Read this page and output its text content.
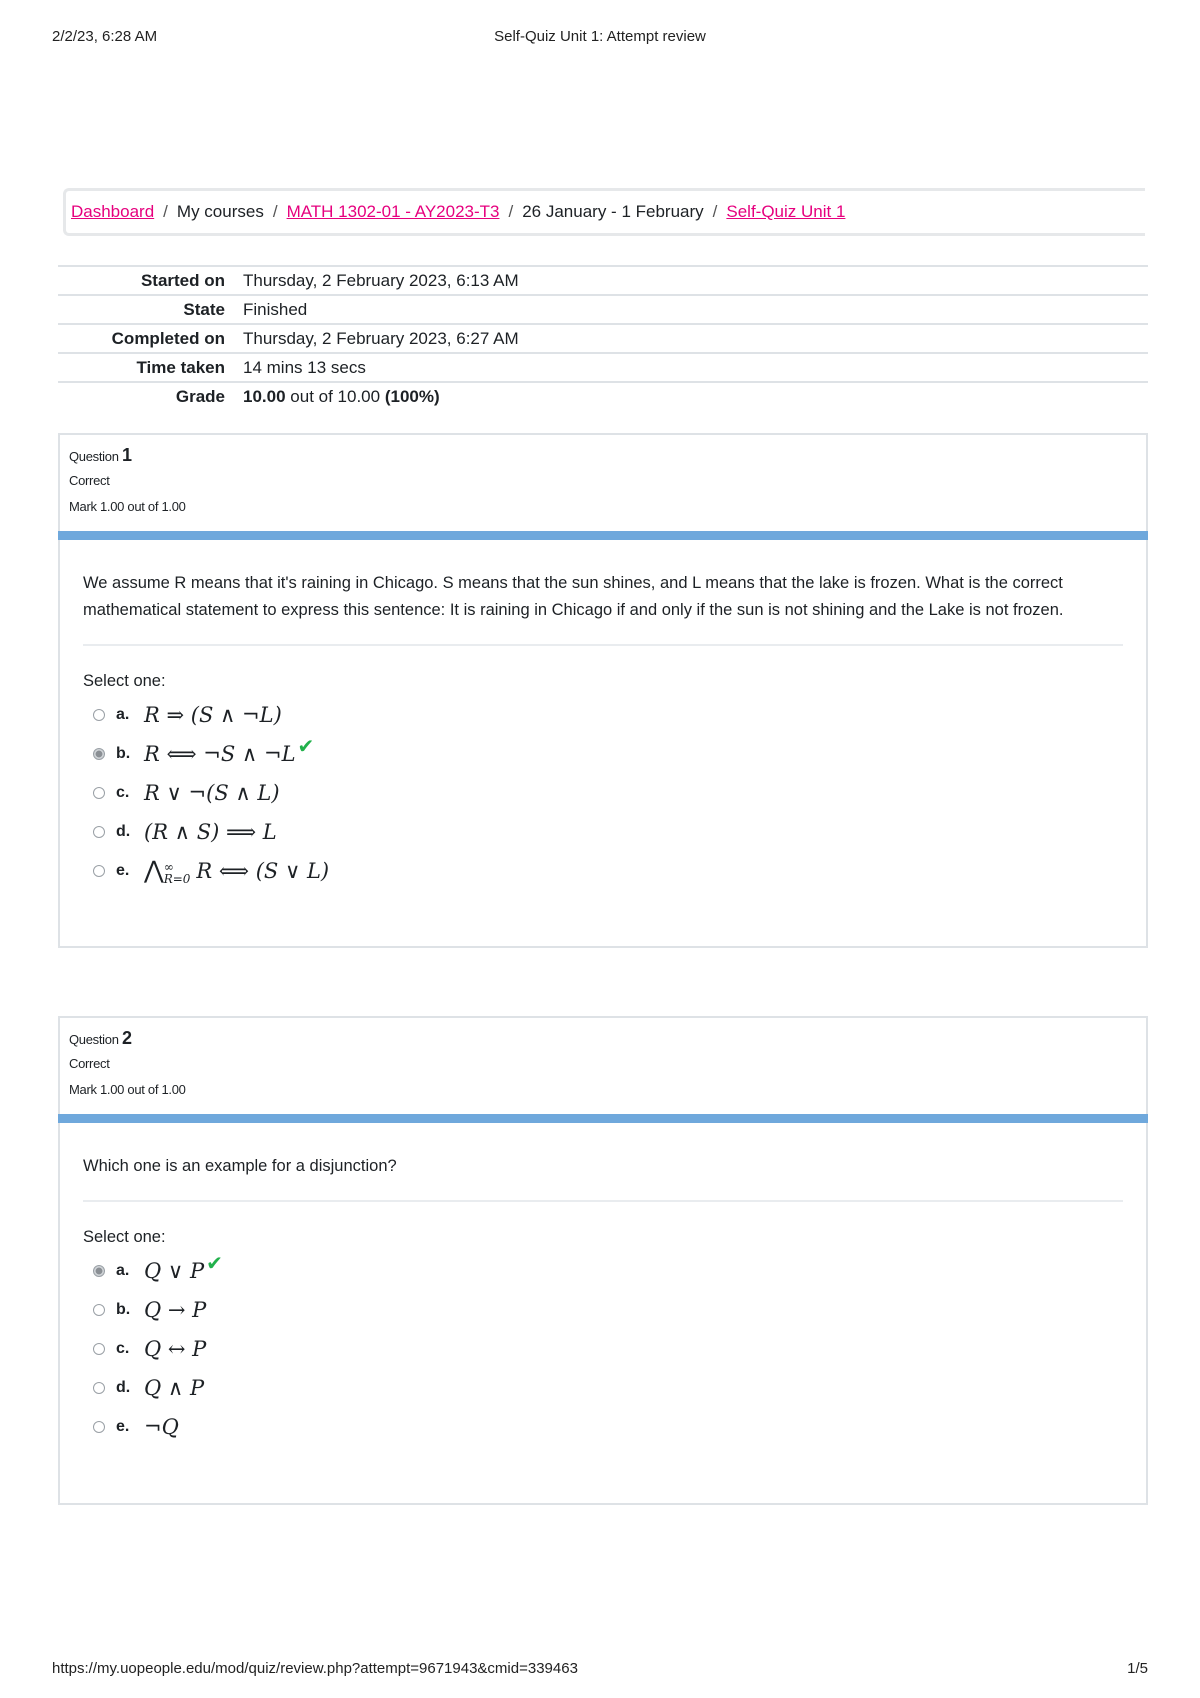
2/2/23, 6:28 AM	Self-Quiz Unit 1: Attempt review
Dashboard / My courses / MATH 1302-01 - AY2023-T3 / 26 January - 1 February / Self-Quiz Unit 1
Started on	Thursday, 2 February 2023, 6:13 AM
State	Finished
Completed on	Thursday, 2 February 2023, 6:27 AM
Time taken	14 mins 13 secs
Grade	10.00 out of 10.00 (100%)
Question 1
Correct
Mark 1.00 out of 1.00
We assume R means that it's raining in Chicago. S means that the sun shines, and L means that the lake is frozen. What is the correct mathematical statement to express this sentence: It is raining in Chicago if and only if the sun is not shining and the Lake is not frozen.
Select one:
a. R ⇒ (S ∧ ¬L)
b. R ⟺ ¬S ∧ ¬L ✔
c. R ∨ ¬(S ∧ L)
d. (R ∧ S) ⟹ L
e. ⋀ ∞
R=0 R ⟺ (S ∨ L)
Question 2
Correct
Mark 1.00 out of 1.00
Which one is an example for a disjunction?
Select one:
a. Q ∨ P ✔
b. Q → P
c. Q ↔ P
d. Q ∧ P
e. ¬Q
https://my.uopeople.edu/mod/quiz/review.php?attempt=9671943&cmid=339463	1/5
